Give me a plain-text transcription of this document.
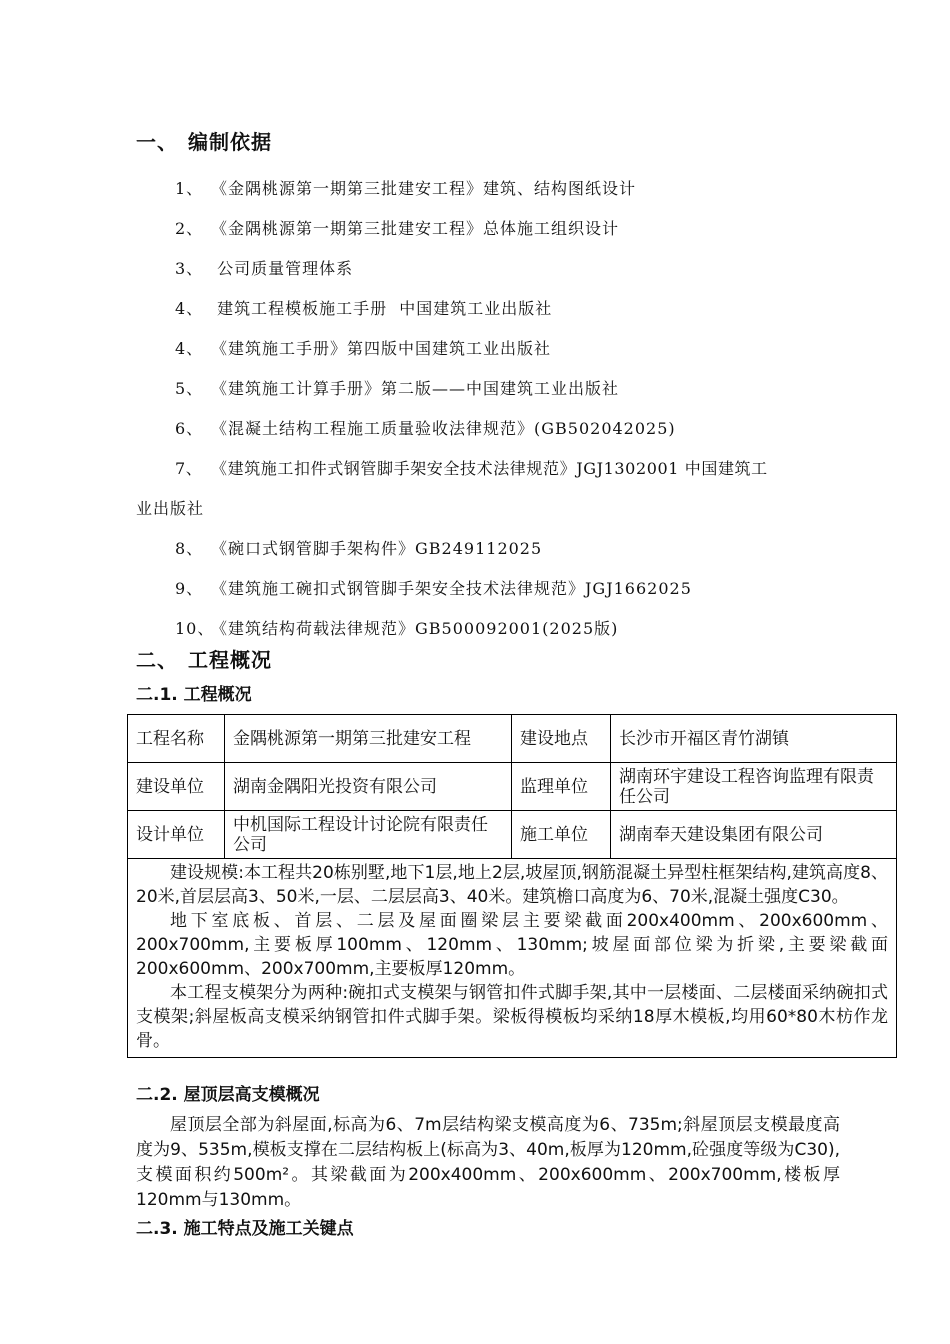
一、 编制依据
1、 《金隅桃源第一期第三批建安工程》建筑、结构图纸设计
2、 《金隅桃源第一期第三批建安工程》总体施工组织设计
3、 公司质量管理体系
4、 建筑工程模板施工手册  中国建筑工业出版社
4、 《建筑施工手册》第四版中国建筑工业出版社
5、 《建筑施工计算手册》第二版——中国建筑工业出版社
6、 《混凝土结构工程施工质量验收法律规范》(GB502042025)
7、 《建筑施工扣件式钢管脚手架安全技术法律规范》JGJ1302001 中国建筑工
业出版社
8、 《碗口式钢管脚手架构件》GB249112025
9、 《建筑施工碗扣式钢管脚手架安全技术法律规范》JGJ1662025
10、《建筑结构荷载法律规范》GB500092001(2025版)
二、 工程概况
二.1. 工程概况
工程名称	金隅桃源第一期第三批建安工程	建设地点	长沙市开福区青竹湖镇
建设单位	湖南金隅阳光投资有限公司	监理单位	湖南环宇建设工程咨询监理有限责任公司
设计单位	中机国际工程设计讨论院有限责任公司	施工单位	湖南奉天建设集团有限公司

建设规模:本工程共20栋别墅,地下1层,地上2层,坡屋顶,钢筋混凝土异型柱框架结构,建筑高度8、20米,首层层高3、50米,一层、二层层高3、40米。建筑檐口高度为6、70米,混凝土强度C30。

地下室底板、首层、二层及屋面圈梁层主要梁截面200x400mm、200x600mm、200x700mm,主要板厚100mm、120mm、130mm;坡屋面部位梁为折梁,主要梁截面200x600mm、200x700mm,主要板厚120mm。

本工程支模架分为两种:碗扣式支模架与钢管扣件式脚手架,其中一层楼面、二层楼面采纳碗扣式支模架;斜屋板高支模采纳钢管扣件式脚手架。梁板得模板均采纳18厚木模板,均用60*80木枋作龙骨。			

二.2. 屋顶层高支模概况

屋顶层全部为斜屋面,标高为6、7m层结构梁支模高度为6、735m;斜屋顶层支模最度高度为9、535m,模板支撑在二层结构板上(标高为3、40m,板厚为120mm,砼强度等级为C30),支模面积约500m²。其梁截面为200x400mm、200x600mm、200x700mm,楼板厚120mm与130mm。

二.3. 施工特点及施工关键点
